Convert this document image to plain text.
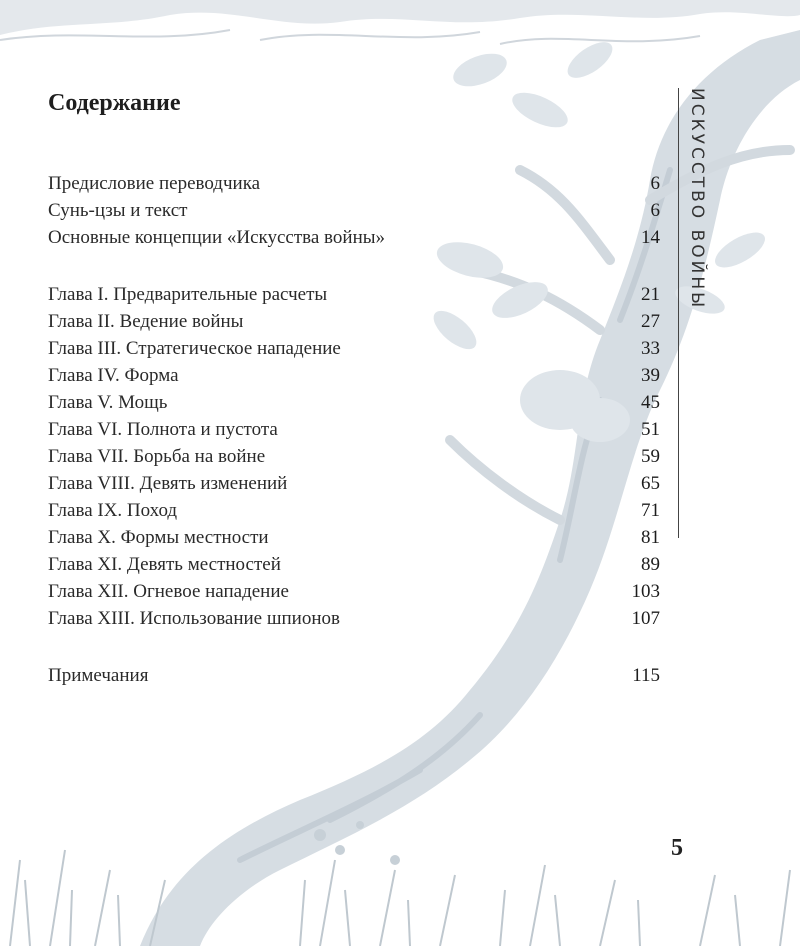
Содержание
Предисловие переводчика	6
Сунь-цзы и текст	6
Основные концепции «Искусства войны»	14
Глава I. Предварительные расчеты	21
Глава II. Ведение войны	27
Глава III. Стратегическое нападение	33
Глава IV. Форма	39
Глава V. Мощь	45
Глава VI. Полнота и пустота	51
Глава VII. Борьба на войне	59
Глава VIII. Девять изменений	65
Глава IX. Поход	71
Глава X. Формы местности	81
Глава XI. Девять местностей	89
Глава XII. Огневое нападение	103
Глава XIII. Использование шпионов	107
Примечания	115
ИСКУССТВО ВОЙНЫ
5
